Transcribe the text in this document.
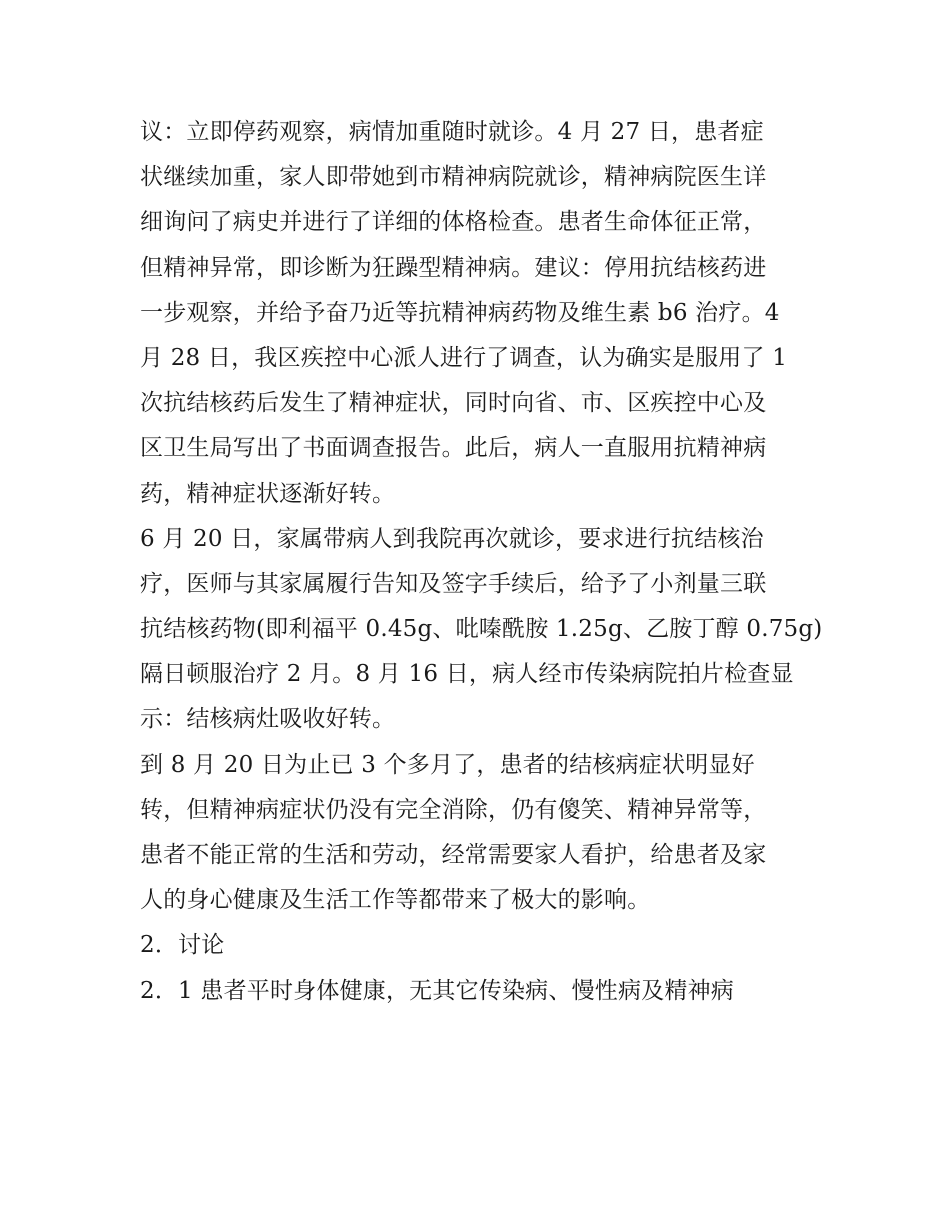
议：立即停药观察，病情加重随时就诊。4 月 27 日，患者症
状继续加重，家人即带她到市精神病院就诊，精神病院医生详
细询问了病史并进行了详细的体格检查。患者生命体征正常，
但精神异常，即诊断为狂躁型精神病。建议：停用抗结核药进
一步观察，并给予奋乃近等抗精神病药物及维生素 b6 治疗。4
月 28 日，我区疾控中心派人进行了调查，认为确实是服用了 1
次抗结核药后发生了精神症状，同时向省、市、区疾控中心及
区卫生局写出了书面调查报告。此后，病人一直服用抗精神病
药，精神症状逐渐好转。
6 月 20 日，家属带病人到我院再次就诊，要求进行抗结核治
疗，医师与其家属履行告知及签字手续后，给予了小剂量三联
抗结核药物(即利福平 0.45g、吡嗪酰胺 1.25g、乙胺丁醇 0.75g)
隔日顿服治疗 2 月。8 月 16 日，病人经市传染病院拍片检查显
示：结核病灶吸收好转。
到 8 月 20 日为止已 3 个多月了，患者的结核病症状明显好
转，但精神病症状仍没有完全消除，仍有傻笑、精神异常等，
患者不能正常的生活和劳动，经常需要家人看护，给患者及家
人的身心健康及生活工作等都带来了极大的影响。
2．讨论
2．1 患者平时身体健康，无其它传染病、慢性病及精神病
